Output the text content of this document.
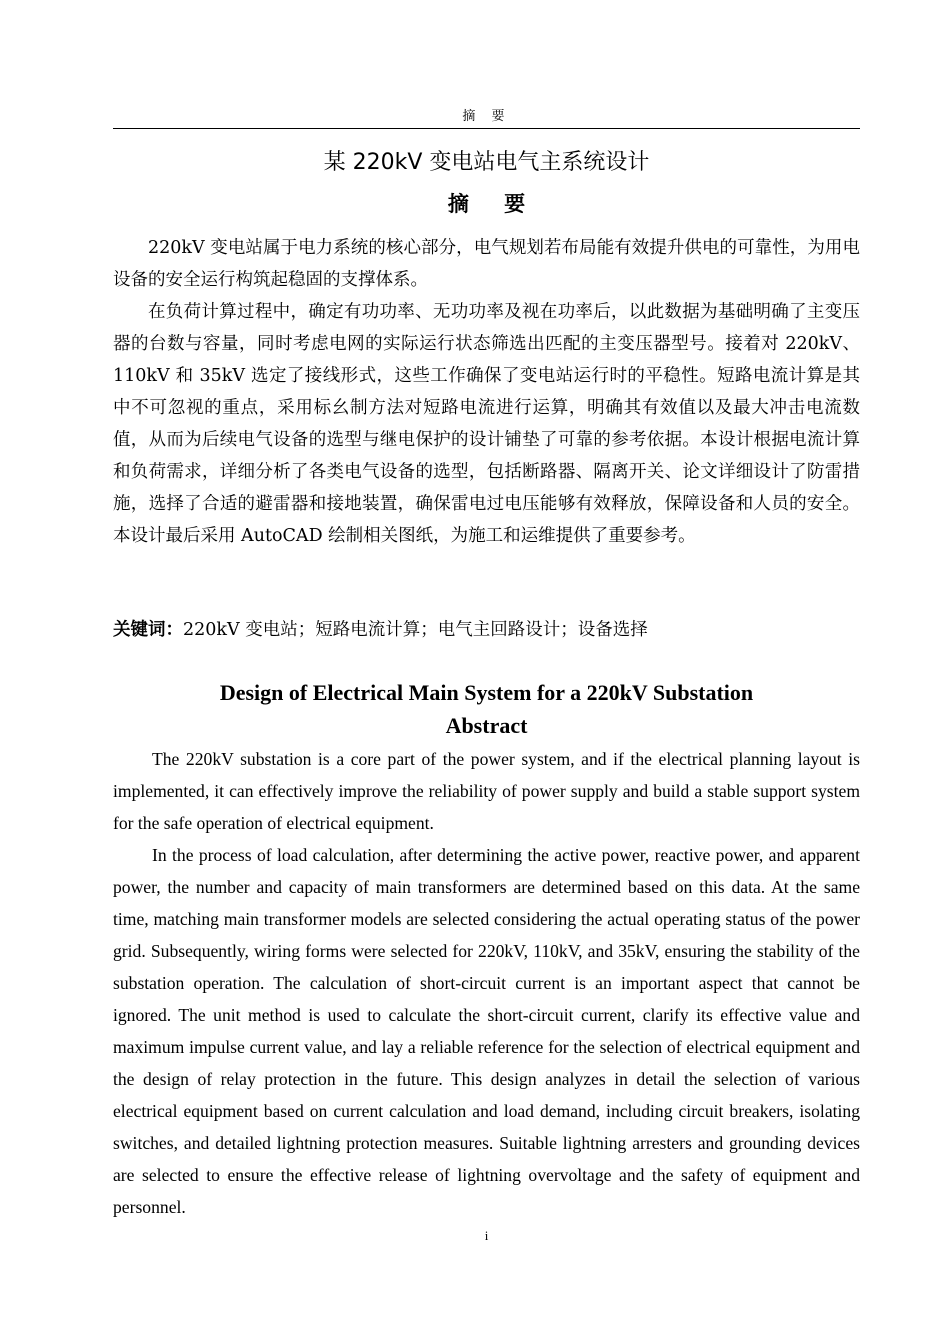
摘 要
某 220kV 变电站电气主系统设计
摘 要

220kV 变电站属于电力系统的核心部分，电气规划若布局能有效提升供电的可靠性，为用电设备的安全运行构筑起稳固的支撑体系。

在负荷计算过程中，确定有功功率、无功功率及视在功率后，以此数据为基础明确了主变压器的台数与容量，同时考虑电网的实际运行状态筛选出匹配的主变压器型号。接着对 220kV、110kV 和 35kV 选定了接线形式，这些工作确保了变电站运行时的平稳性。短路电流计算是其中不可忽视的重点，采用标幺制方法对短路电流进行运算，明确其有效值以及最大冲击电流数值，从而为后续电气设备的选型与继电保护的设计铺垫了可靠的参考依据。本设计根据电流计算和负荷需求，详细分析了各类电气设备的选型，包括断路器、隔离开关、论文详细设计了防雷措施，选择了合适的避雷器和接地装置，确保雷电过电压能够有效释放，保障设备和人员的安全。本设计最后采用 AutoCAD 绘制相关图纸，为施工和运维提供了重要参考。

关键词：220kV 变电站；短路电流计算；电气主回路设计；设备选择
Design of Electrical Main System for a 220kV Substation
Abstract

The 220kV substation is a core part of the power system, and if the electrical planning layout is implemented, it can effectively improve the reliability of power supply and build a stable support system for the safe operation of electrical equipment.

In the process of load calculation, after determining the active power, reactive power, and apparent power, the number and capacity of main transformers are determined based on this data. At the same time, matching main transformer models are selected considering the actual operating status of the power grid. Subsequently, wiring forms were selected for 220kV, 110kV, and 35kV, ensuring the stability of the substation operation. The calculation of short-circuit current is an important aspect that cannot be ignored. The unit method is used to calculate the short-circuit current, clarify its effective value and maximum impulse current value, and lay a reliable reference for the selection of electrical equipment and the design of relay protection in the future. This design analyzes in detail the selection of various electrical equipment based on current calculation and load demand, including circuit breakers, isolating switches, and detailed lightning protection measures. Suitable lightning arresters and grounding devices are selected to ensure the effective release of lightning overvoltage and the safety of equipment and personnel.

i
